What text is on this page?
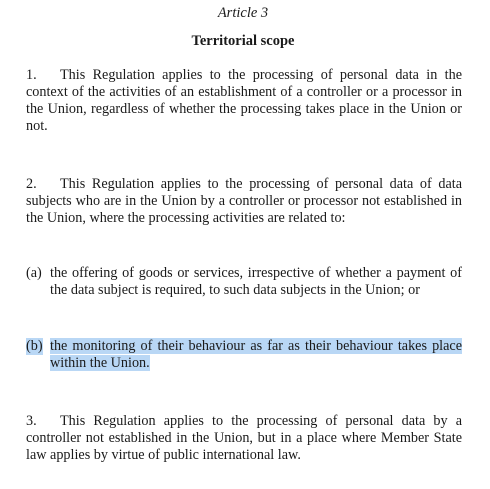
Article 3
Territorial scope

1. This Regulation applies to the processing of personal data in the context of the activities of an establishment of a controller or a processor in the Union, regardless of whether the processing takes place in the Union or not.

2. This Regulation applies to the processing of personal data of data subjects who are in the Union by a controller or processor not established in the Union, where the processing activities are related to:

(a) the offering of goods or services, irrespective of whether a payment of the data subject is required, to such data subjects in the Union; or

(b) the monitoring of their behaviour as far as their behaviour takes place within the Union.

3. This Regulation applies to the processing of personal data by a controller not established in the Union, but in a place where Member State law applies by virtue of public international law.
